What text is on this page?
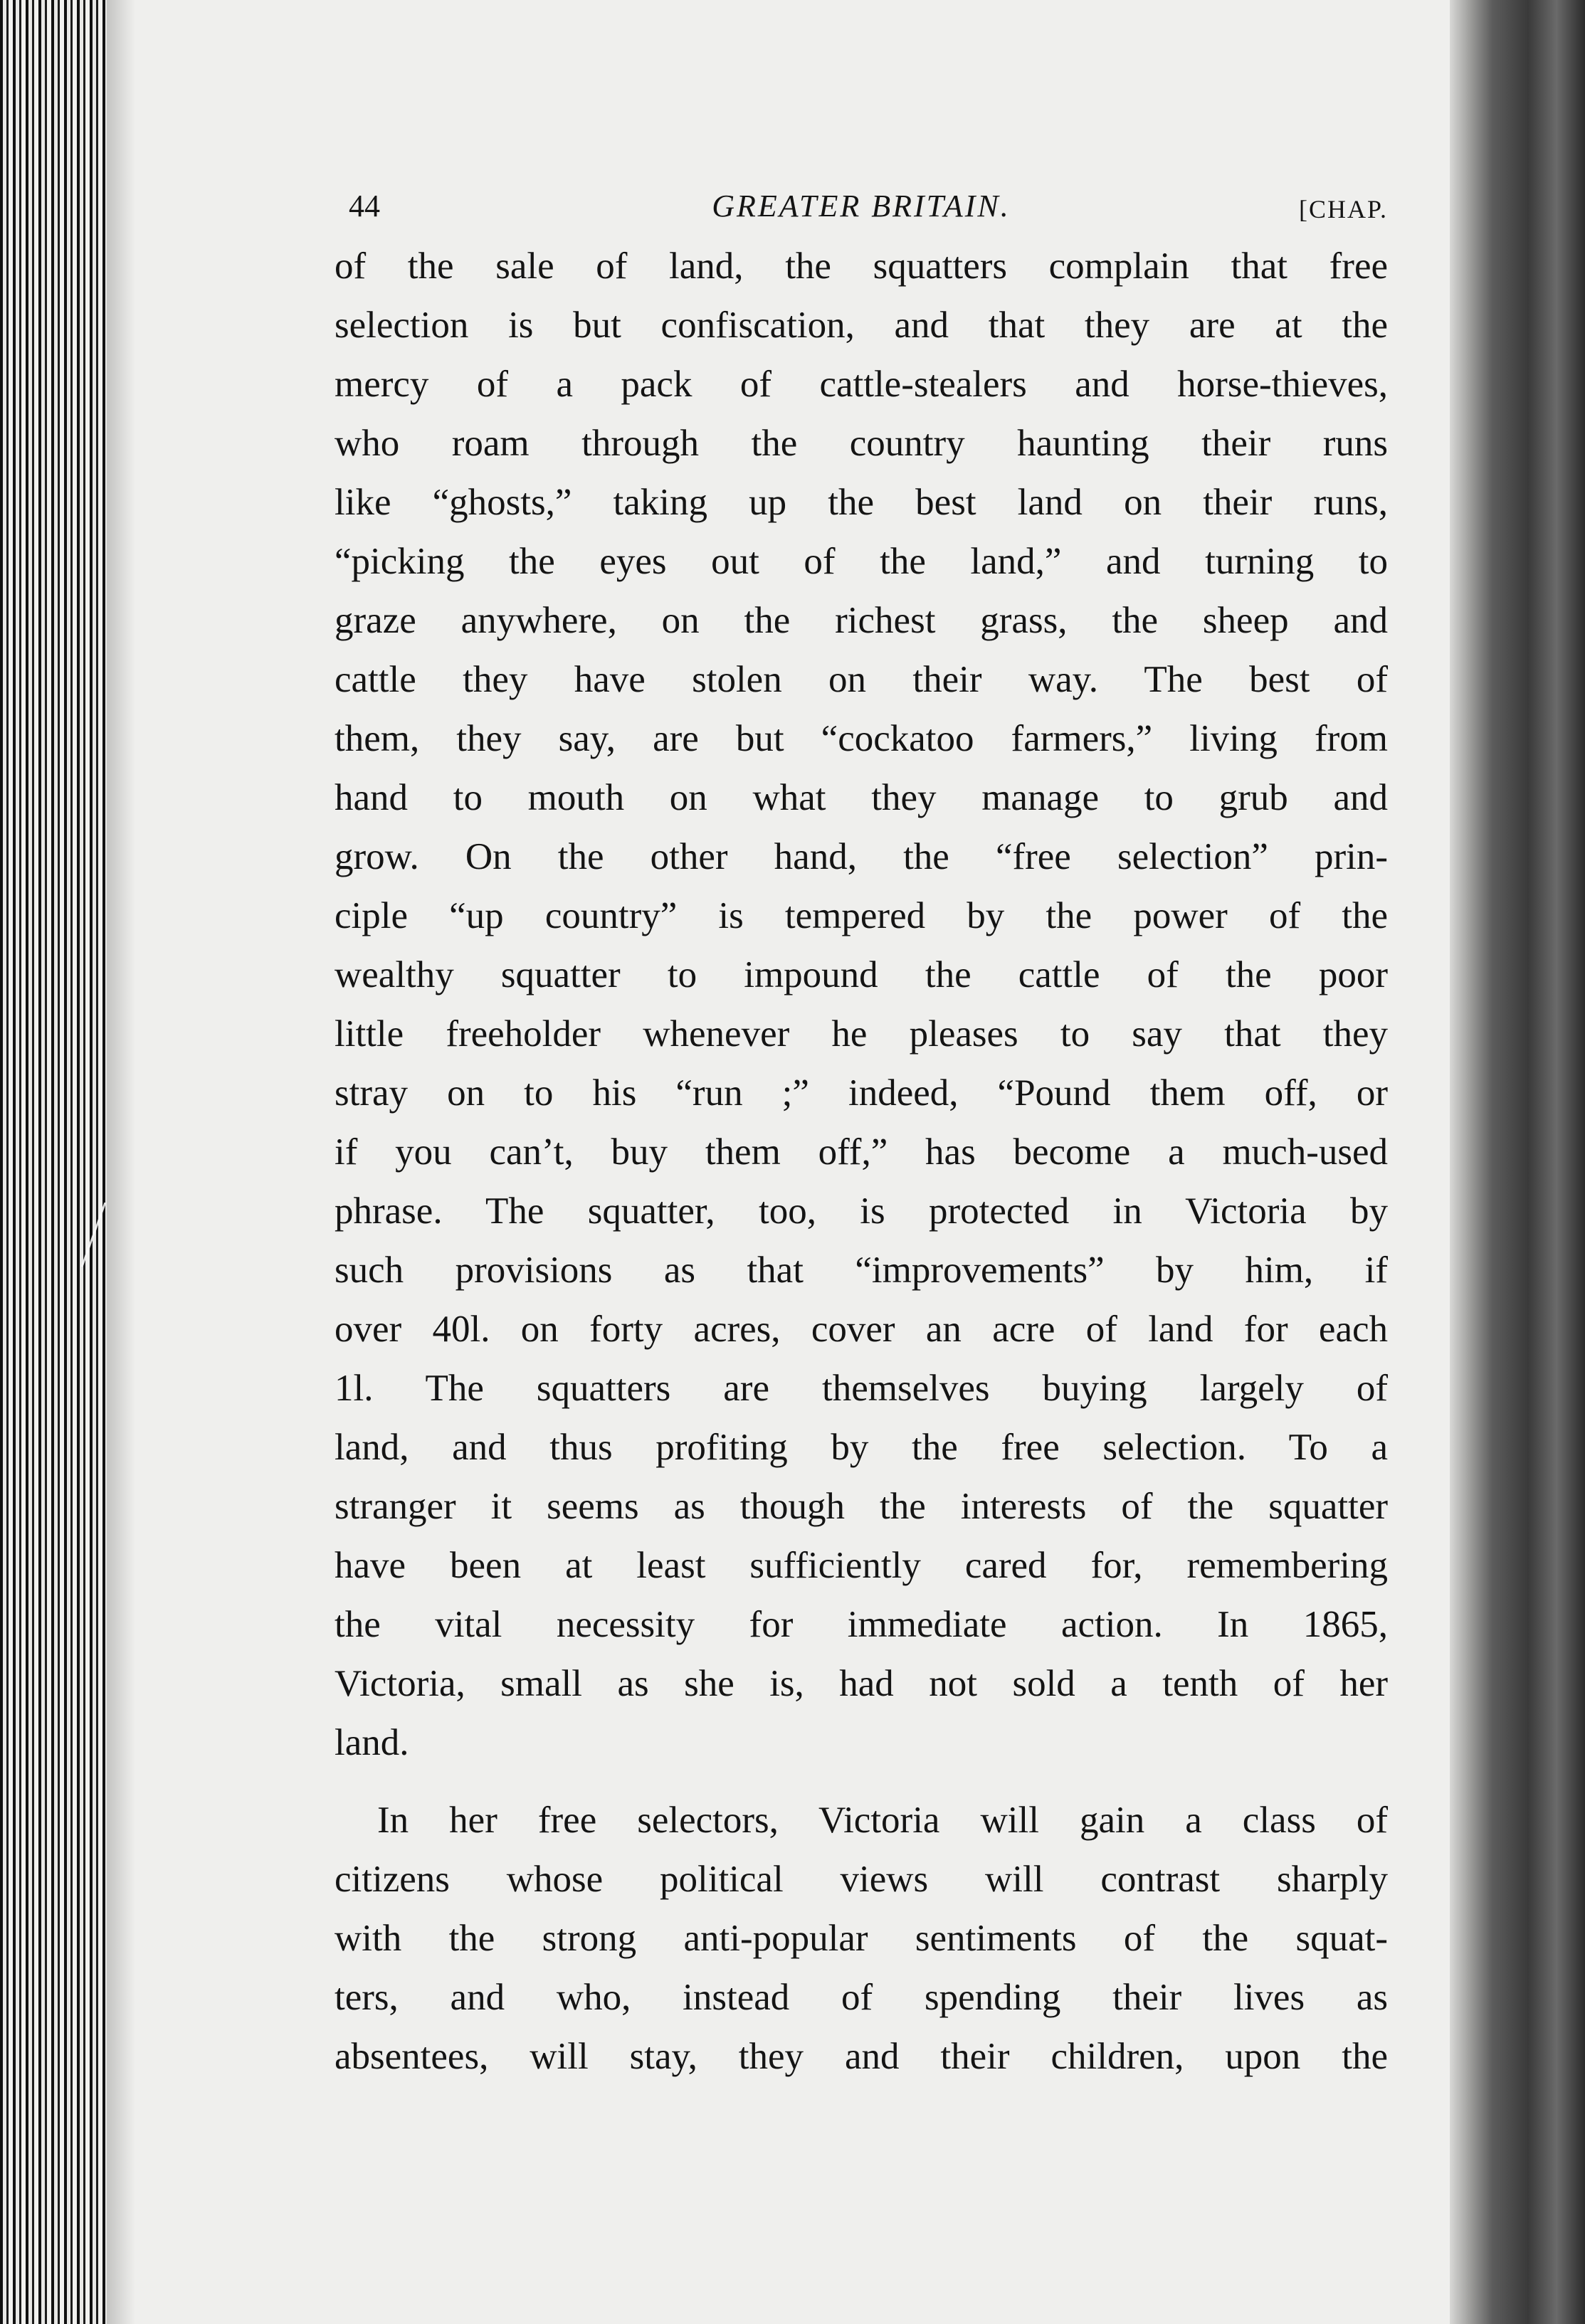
44	GREATER BRITAIN.	[CHAP.
of the sale of land, the squatters complain that free
selection is but confiscation, and that they are at the
mercy of a pack of cattle-stealers and horse-thieves,
who roam through the country haunting their runs
like “ghosts,” taking up the best land on their runs,
“picking the eyes out of the land,” and turning to
graze anywhere, on the richest grass, the sheep and
cattle they have stolen on their way. The best of
them, they say, are but “cockatoo farmers,” living from
hand to mouth on what they manage to grub and
grow. On the other hand, the “free selection” prin-
ciple “up country” is tempered by the power of the
wealthy squatter to impound the cattle of the poor
little freeholder whenever he pleases to say that they
stray on to his “run ;” indeed, “Pound them off, or
if you can’t, buy them off,” has become a much-used
phrase. The squatter, too, is protected in Victoria by
such provisions as that “improvements” by him, if
over 40l. on forty acres, cover an acre of land for each
1l. The squatters are themselves buying largely of
land, and thus profiting by the free selection. To a
stranger it seems as though the interests of the squatter
have been at least sufficiently cared for, remembering
the vital necessity for immediate action. In 1865,
Victoria, small as she is, had not sold a tenth of her
land.
In her free selectors, Victoria will gain a class of
citizens whose political views will contrast sharply
with the strong anti-popular sentiments of the squat-
ters, and who, instead of spending their lives as
absentees, will stay, they and their children, upon the
